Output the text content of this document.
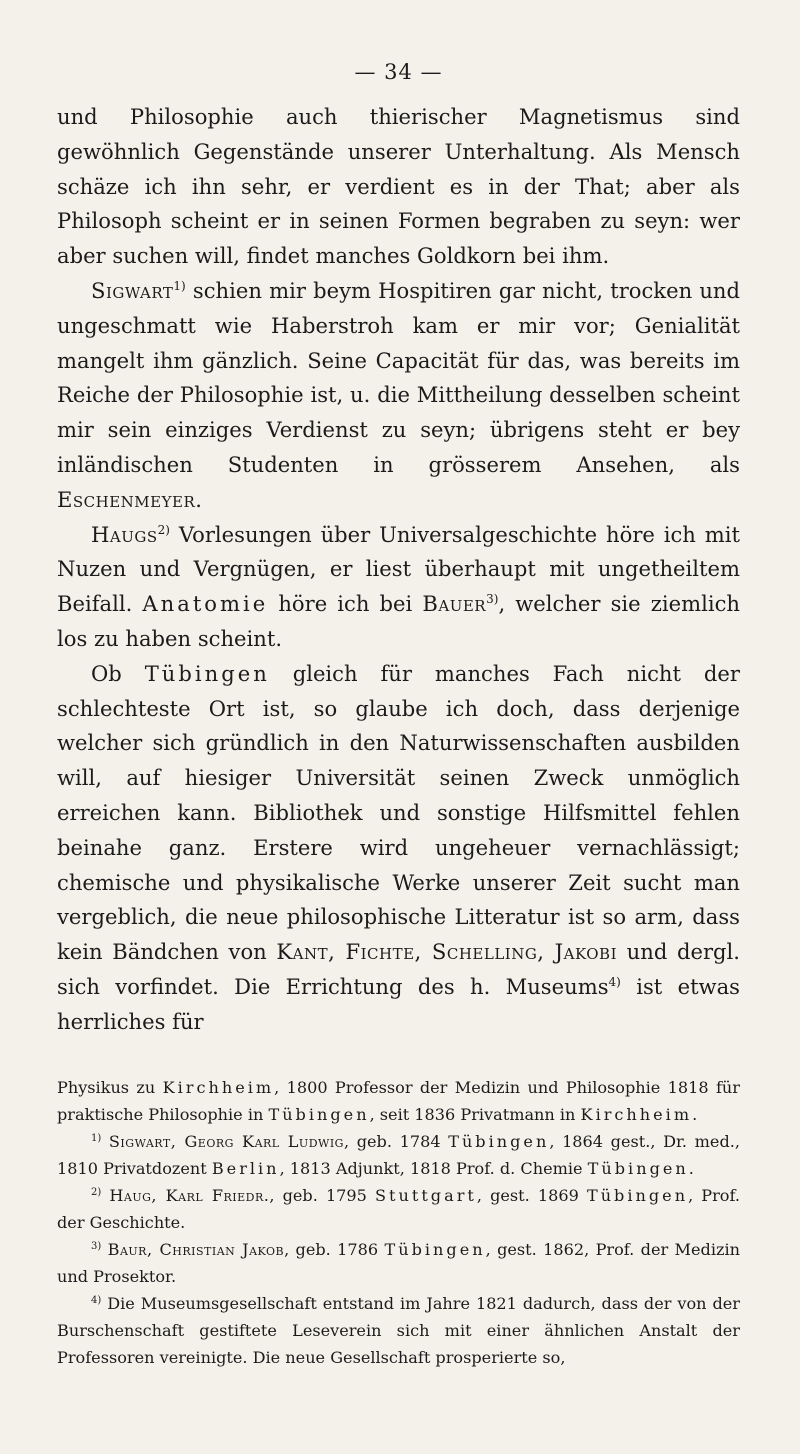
— 34 —

und Philosophie auch thierischer Magnetismus sind gewöhnlich Gegenstände unserer Unterhaltung. Als Mensch schäze ich ihn sehr, er verdient es in der That; aber als Philosoph scheint er in seinen Formen begraben zu seyn: wer aber suchen will, findet manches Goldkorn bei ihm.

Sigwart$^{1)}$ schien mir beym Hospitiren gar nicht, trocken und ungeschmatt wie Haberstroh kam er mir vor; Genialität mangelt ihm gänzlich. Seine Capacität für das, was bereits im Reiche der Philosophie ist, u. die Mittheilung desselben scheint mir sein einziges Verdienst zu seyn; übrigens steht er bey inländischen Studenten in grösserem Ansehen, als Eschenmeyer.

Haugs$^{2)}$ Vorlesungen über Universalgeschichte höre ich mit Nuzen und Vergnügen, er liest überhaupt mit ungetheiltem Beifall. Anatomie höre ich bei Bauer$^{3)}$, welcher sie ziemlich los zu haben scheint.

Ob Tübingen gleich für manches Fach nicht der schlechteste Ort ist, so glaube ich doch, dass derjenige welcher sich gründlich in den Naturwissenschaften ausbilden will, auf hiesiger Universität seinen Zweck unmöglich erreichen kann. Bibliothek und sonstige Hilfsmittel fehlen beinahe ganz. Erstere wird ungeheuer vernachlässigt; chemische und physikalische Werke unserer Zeit sucht man vergeblich, die neue philosophische Litteratur ist so arm, dass kein Bändchen von Kant, Fichte, Schelling, Jakobi und dergl. sich vorfindet. Die Errichtung des h. Museums$^{4)}$ ist etwas herrliches für

Physikus zu Kirchheim, 1800 Professor der Medizin und Philosophie 1818 für praktische Philosophie in Tübingen, seit 1836 Privatmann in Kirchheim.

$^{1)}$ Sigwart, Georg Karl Ludwig, geb. 1784 Tübingen, 1864 gest., Dr. med., 1810 Privatdozent Berlin, 1813 Adjunkt, 1818 Prof. d. Chemie Tübingen.

$^{2)}$ Haug, Karl Friedr., geb. 1795 Stuttgart, gest. 1869 Tübingen, Prof. der Geschichte.

$^{3)}$ Baur, Christian Jakob, geb. 1786 Tübingen, gest. 1862, Prof. der Medizin und Prosektor.

$^{4)}$ Die Museumsgesellschaft entstand im Jahre 1821 dadurch, dass der von der Burschenschaft gestiftete Leseverein sich mit einer ähnlichen Anstalt der Professoren vereinigte. Die neue Gesellschaft prosperierte so,
